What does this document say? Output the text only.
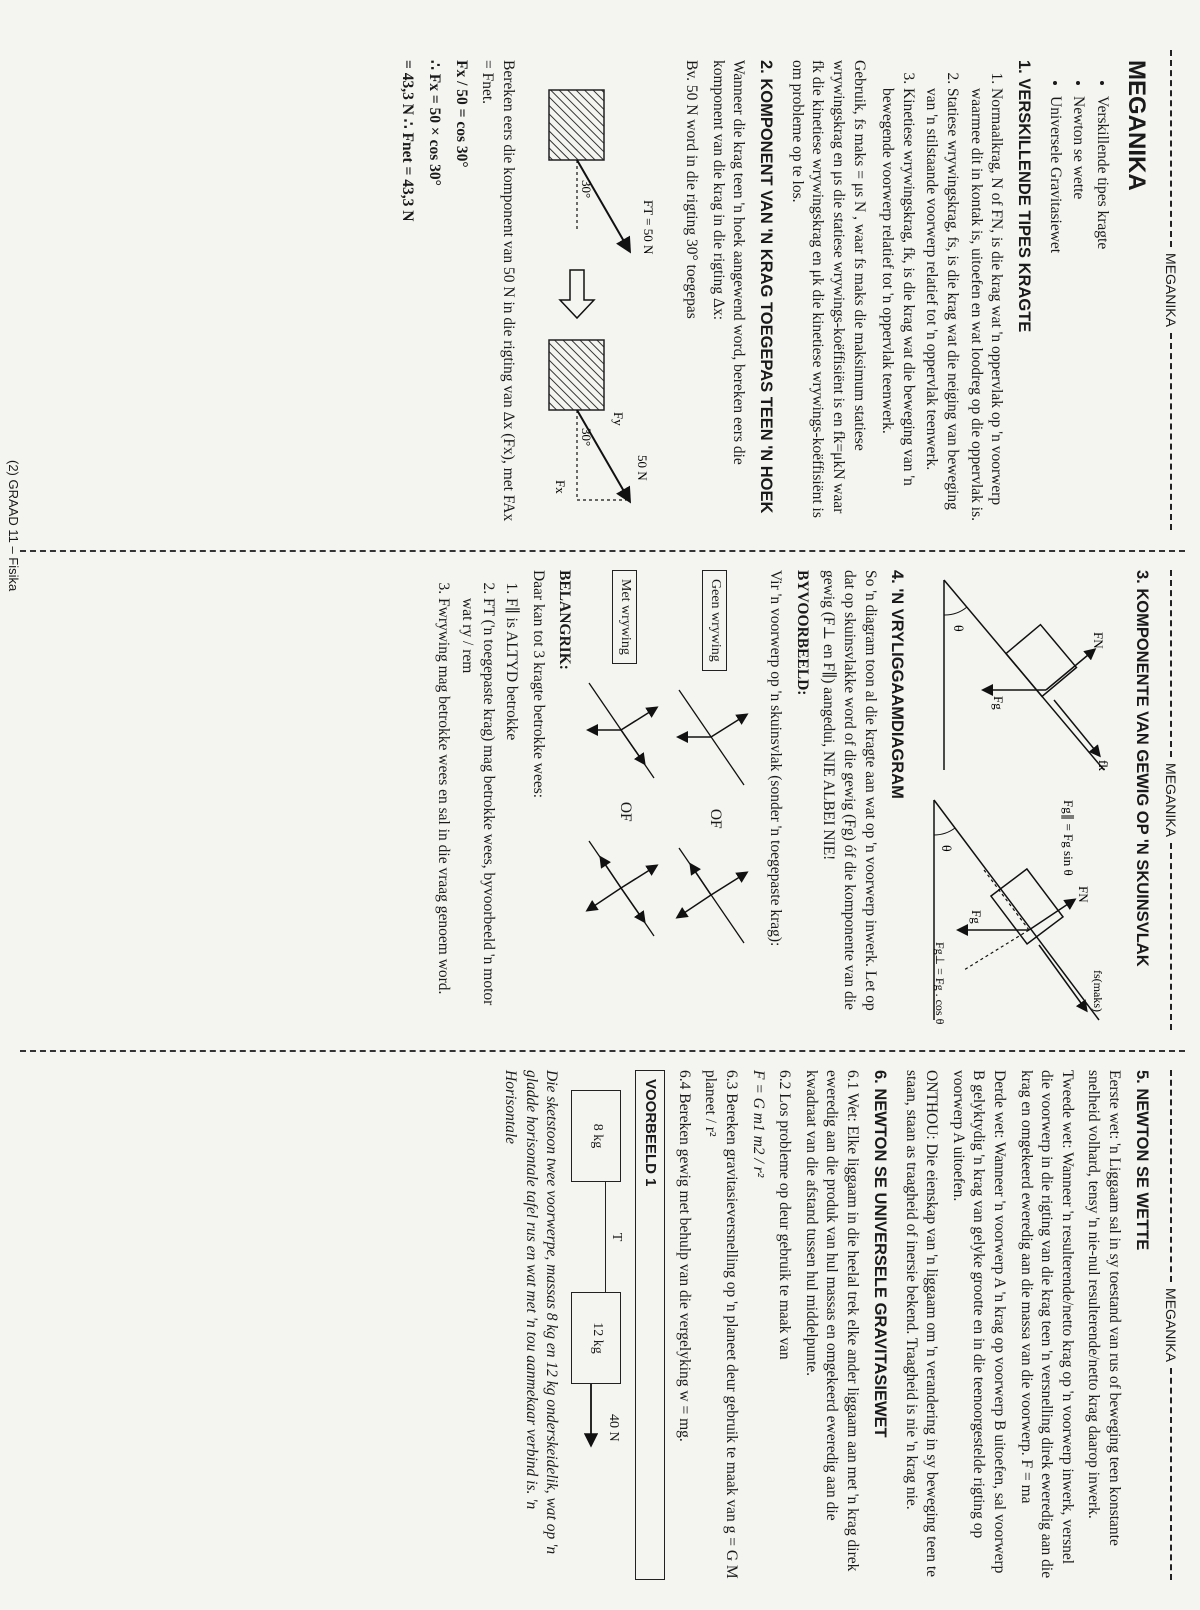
MEGANIKA
MEGANIKA
MEGANIKA
MEGANIKA
• Verskillende tipes kragte
• Newton se wette
• Universele Gravitasiewet
1. VERSKILLENDE TIPES KRAGTE
1. Normaalkrag, N of FN, is die krag wat 'n oppervlak op 'n voorwerp waarmee dit in kontak is, uitoefen en wat loodreg op die oppervlak is.
2. Statiese wrywingskrag, fs, is die krag wat die neiging van beweging van 'n stilstaande voorwerp relatief tot 'n oppervlak teenwerk.
3. Kinetiese wrywingskrag, fk, is die krag wat die beweging van 'n bewegende voorwerp relatief tot 'n oppervlak teenwerk.

Gebruik, fs maks = μs N , waar fs maks die maksimum statiese wrywingskrag en μs die statiese wrywings-koëffisiënt is en fk=μkN waar fk die kinetiese wrywingskrag en μk die kinetiese wrywings-koëffisiënt is om probleme op te los.

2. KOMPONENT VAN 'N KRAG TOEGEPAS TEEN 'N HOEK

Wanneer die krag teen 'n hoek aangewend word, bereken eers die komponent van die krag in die rigting Δx:

Bv. 50 N word in die rigting 30° toegepas

FT = 50 N
30°
50 N
Fy
30°
Fx

Bereken eers die komponent van 50 N in die rigting van Δx (Fx), met FAx = Fnet.

Fx / 50 = cos 30°

∴ Fx = 50 × cos 30°

= 43,3 N ∴ Fnet = 43,3 N

3. KOMPONENTE VAN GEWIG OP 'N SKUINSVLAK
θ
FN
Fg
fk
θ
FN
Fg
Fg∥ = Fg sin θ
Fg⊥ = Fg . cos θ	fs(maks)
4. 'N VRYLIGGAAMDIAGRAM

So 'n diagram toon al die kragte aan wat op 'n voorwerp inwerk. Let op dat op skuinsvlakke word of die gewig (Fg) óf die komponente van die gewig (F⊥ en F∥) aangedui, NIE ALBEI NIE!

BYVOORBEELD:

Vir 'n voorwerp op 'n skuinsvlak (sonder 'n toegepaste krag):

Geen wrywing
OF
Met wrywing
OF

BELANGRIK:

Daar kan tot 3 kragte betrokke wees:

1. F∥ is ALTYD betrokke
2. FT ('n toegepaste krag) mag betrokke wees, byvoorbeeld 'n motor wat ry / rem
3. Fwrywing mag betrokke wees en sal in die vraag genoem word.
5. NEWTON SE WETTE

Eerste wet: 'n Liggaam sal in sy toestand van rus of beweging teen konstante snelheid volhard, tensy 'n nie-nul resulterende/netto krag daarop inwerk.

Tweede wet: Wanneer 'n resulterende/netto krag op 'n voorwerp inwerk, versnel die voorwerp in die rigting van die krag teen 'n versnelling direk eweredig aan die krag en omgekeerd eweredig aan die massa van die voorwerp. F = ma

Derde wet: Wanneer 'n voorwerp A 'n krag op voorwerp B uitoefen, sal voorwerp B gelyktydig 'n krag van gelyke grootte en in die teenoorgestelde rigting op voorwerp A uitoefen.

ONTHOU: Die eienskap van 'n liggaam om 'n verandering in sy beweging teen te staan, staan as traagheid of inersie bekend. Traagheid is nie 'n krag nie.

6. NEWTON SE UNIVERSELE GRAVITASIEWET

6.1 Wet: Elke liggaam in die heelal trek elke ander liggaam aan met 'n krag direk eweredig aan die produk van hul massas en omgekeerd eweredig aan die kwadraat van die afstand tussen hul middelpunte.

6.2 Los probleme op deur gebruik te maak van

F = G m1 m2 / r²

6.3 Bereken gravitasieversnelling op 'n planeet deur gebruik te maak van g = G M planeet / r²

6.4 Bereken gewig met behulp van die vergelyking w = mg.

VOORBEELD 1
8 kg
T
12 kg
40 N

Die sketstoon twee voorwerpe, massas 8 kg en 12 kg onderskeidelik, wat op 'n gladde horisontale tafel rus en wat met 'n tou aanmekaar verbind is. 'n Horisontale

(2) GRAAD 11 – Fisika
